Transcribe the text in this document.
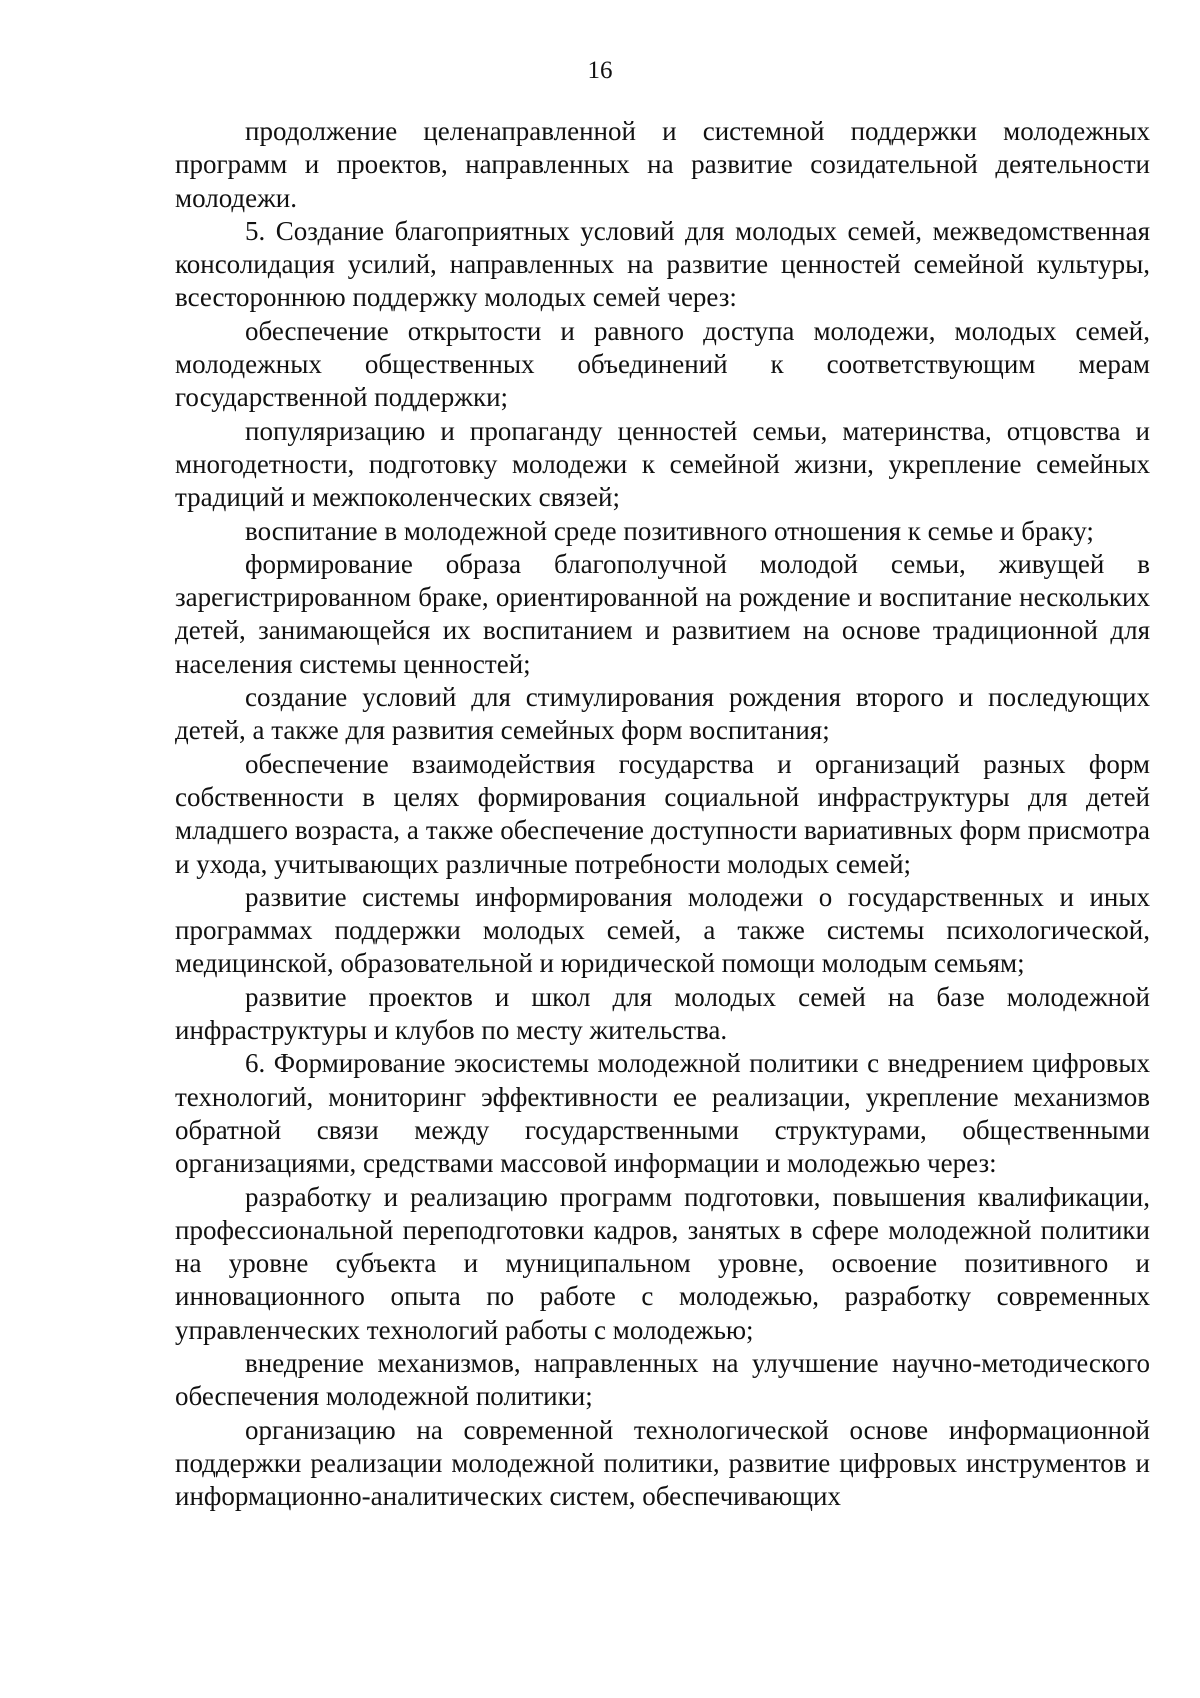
16

продолжение целенаправленной и системной поддержки молодежных программ и проектов, направленных на развитие созидательной деятельности молодежи.

5. Создание благоприятных условий для молодых семей, межведомственная консолидация усилий, направленных на развитие ценностей семейной культуры, всестороннюю поддержку молодых семей через:

обеспечение открытости и равного доступа молодежи, молодых семей, молодежных общественных объединений к соответствующим мерам государственной поддержки;

популяризацию и пропаганду ценностей семьи, материнства, отцовства и многодетности, подготовку молодежи к семейной жизни, укрепление семейных традиций и межпоколенческих связей;

воспитание в молодежной среде позитивного отношения к семье и браку;

формирование образа благополучной молодой семьи, живущей в зарегистрированном браке, ориентированной на рождение и воспитание нескольких детей, занимающейся их воспитанием и развитием на основе традиционной для населения системы ценностей;

создание условий для стимулирования рождения второго и последующих детей, а также для развития семейных форм воспитания;

обеспечение взаимодействия государства и организаций разных форм собственности в целях формирования социальной инфраструктуры для детей младшего возраста, а также обеспечение доступности вариативных форм присмотра и ухода, учитывающих различные потребности молодых семей;

развитие системы информирования молодежи о государственных и иных программах поддержки молодых семей, а также системы психологической, медицинской, образовательной и юридической помощи молодым семьям;

развитие проектов и школ для молодых семей на базе молодежной инфраструктуры и клубов по месту жительства.

6. Формирование экосистемы молодежной политики с внедрением цифровых технологий, мониторинг эффективности ее реализации, укрепление механизмов обратной связи между государственными структурами, общественными организациями, средствами массовой информации и молодежью через:

разработку и реализацию программ подготовки, повышения квалификации, профессиональной переподготовки кадров, занятых в сфере молодежной политики на уровне субъекта и муниципальном уровне, освоение позитивного и инновационного опыта по работе с молодежью, разработку современных управленческих технологий работы с молодежью;

внедрение механизмов, направленных на улучшение научно-методического обеспечения молодежной политики;

организацию на современной технологической основе информационной поддержки реализации молодежной политики, развитие цифровых инструментов и информационно-аналитических систем, обеспечивающих
